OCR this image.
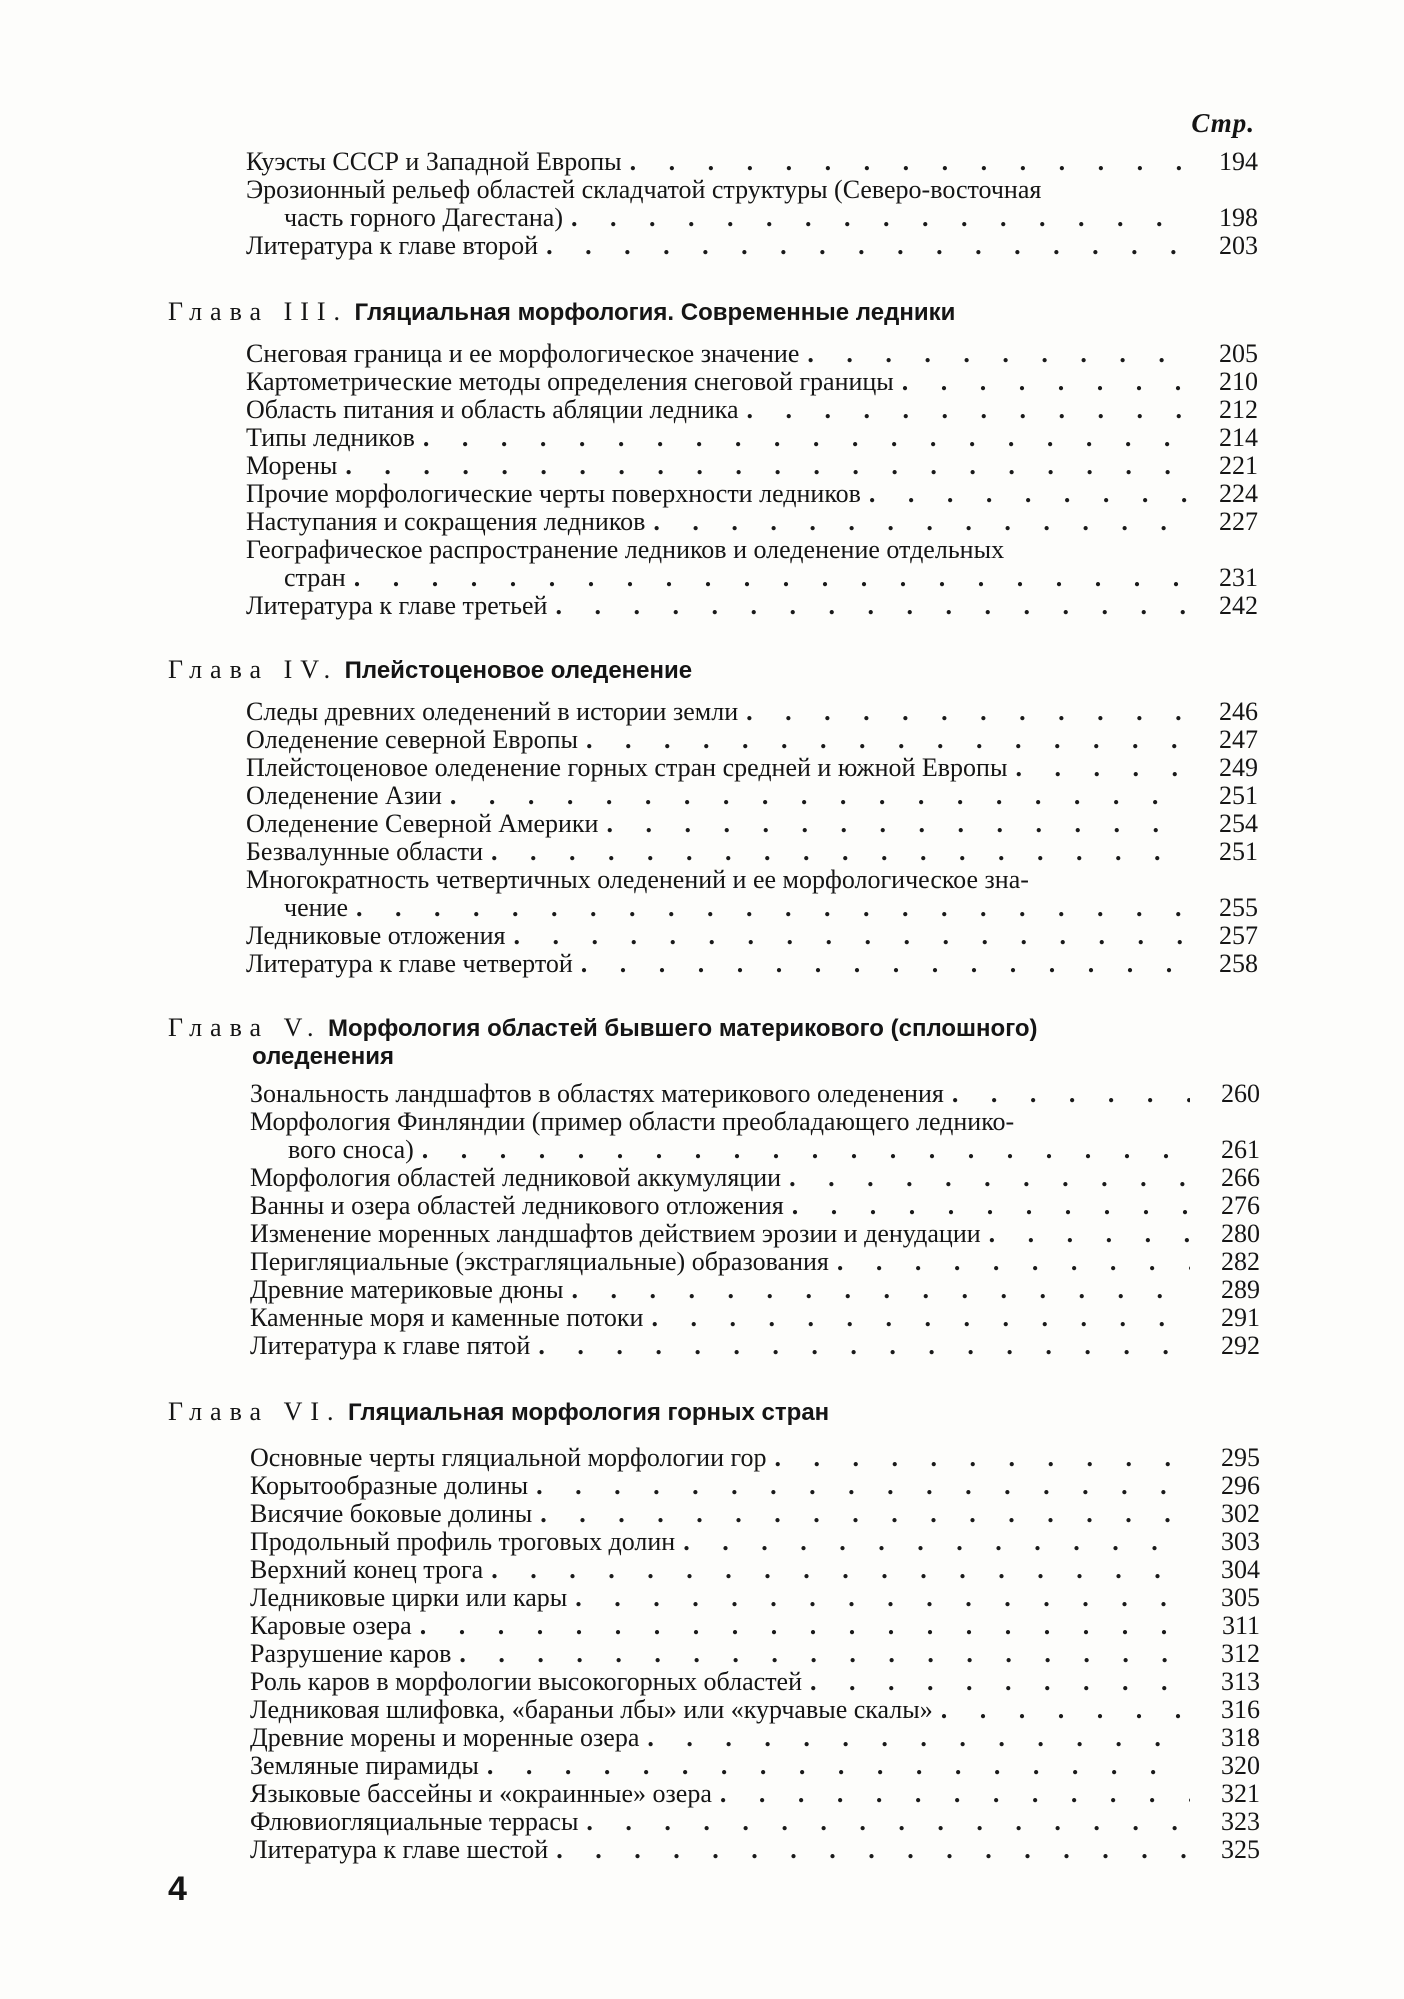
Стр.
Куэсты СССР и Западной Европы . . .	194
Эрозионный рельеф областей складчатой структуры (Северо-восточная
часть горного Дагестана) . . .	198
Литература к главе второй . . .	203
Глава III. Гляциальная морфология. Современные ледники
Снеговая граница и ее морфологическое значение . . .	205
Картометрические методы определения снеговой границы . . .	210
Область питания и область абляции ледника . . .	212
Типы ледников . . .	214
Морены . . .	221
Прочие морфологические черты поверхности ледников . . .	224
Наступания и сокращения ледников . . .	227
Географическое распространение ледников и оледенение отдельных
стран . . .	231
Литература к главе третьей . . .	242
Глава IV. Плейстоценовое оледенение
Следы древних оледенений в истории земли . . .	246
Оледенение северной Европы . . .	247
Плейстоценовое оледенение горных стран средней и южной Европы . . .	249
Оледенение Азии . . .	251
Оледенение Северной Америки . . .	254
Безвалунные области . . .	251
Многократность четвертичных оледенений и ее морфологическое зна-
чение . . .	255
Ледниковые отложения . . .	257
Литература к главе четвертой . . .	258
Глава V. Морфология областей бывшего материкового (сплошного)
оледенения
Зональность ландшафтов в областях материкового оледенения . . .	260
Морфология Финляндии (пример области преобладающего леднико-
вого сноса) . . .	261
Морфология областей ледниковой аккумуляции . . .	266
Ванны и озера областей ледникового отложения . . .	276
Изменение моренных ландшафтов действием эрозии и денудации . . .	280
Перигляциальные (экстрагляциальные) образования . . .	282
Древние материковые дюны . . .	289
Каменные моря и каменные потоки . . .	291
Литература к главе пятой . . .	292
Глава VI. Гляциальная морфология горных стран
Основные черты гляциальной морфологии гор . . .	295
Корытообразные долины . . .	296
Висячие боковые долины . . .	302
Продольный профиль троговых долин . . .	303
Верхний конец трога . . .	304
Ледниковые цирки или кары . . .	305
Каровые озера . . .	311
Разрушение каров . . .	312
Роль каров в морфологии высокогорных областей . . .	313
Ледниковая шлифовка, «бараньи лбы» или «курчавые скалы» . . .	316
Древние морены и моренные озера . . .	318
Земляные пирамиды . . .	320
Языковые бассейны и «окраинные» озера . . .	321
Флювиогляциальные террасы . . .	323
Литература к главе шестой . . .	325
4
